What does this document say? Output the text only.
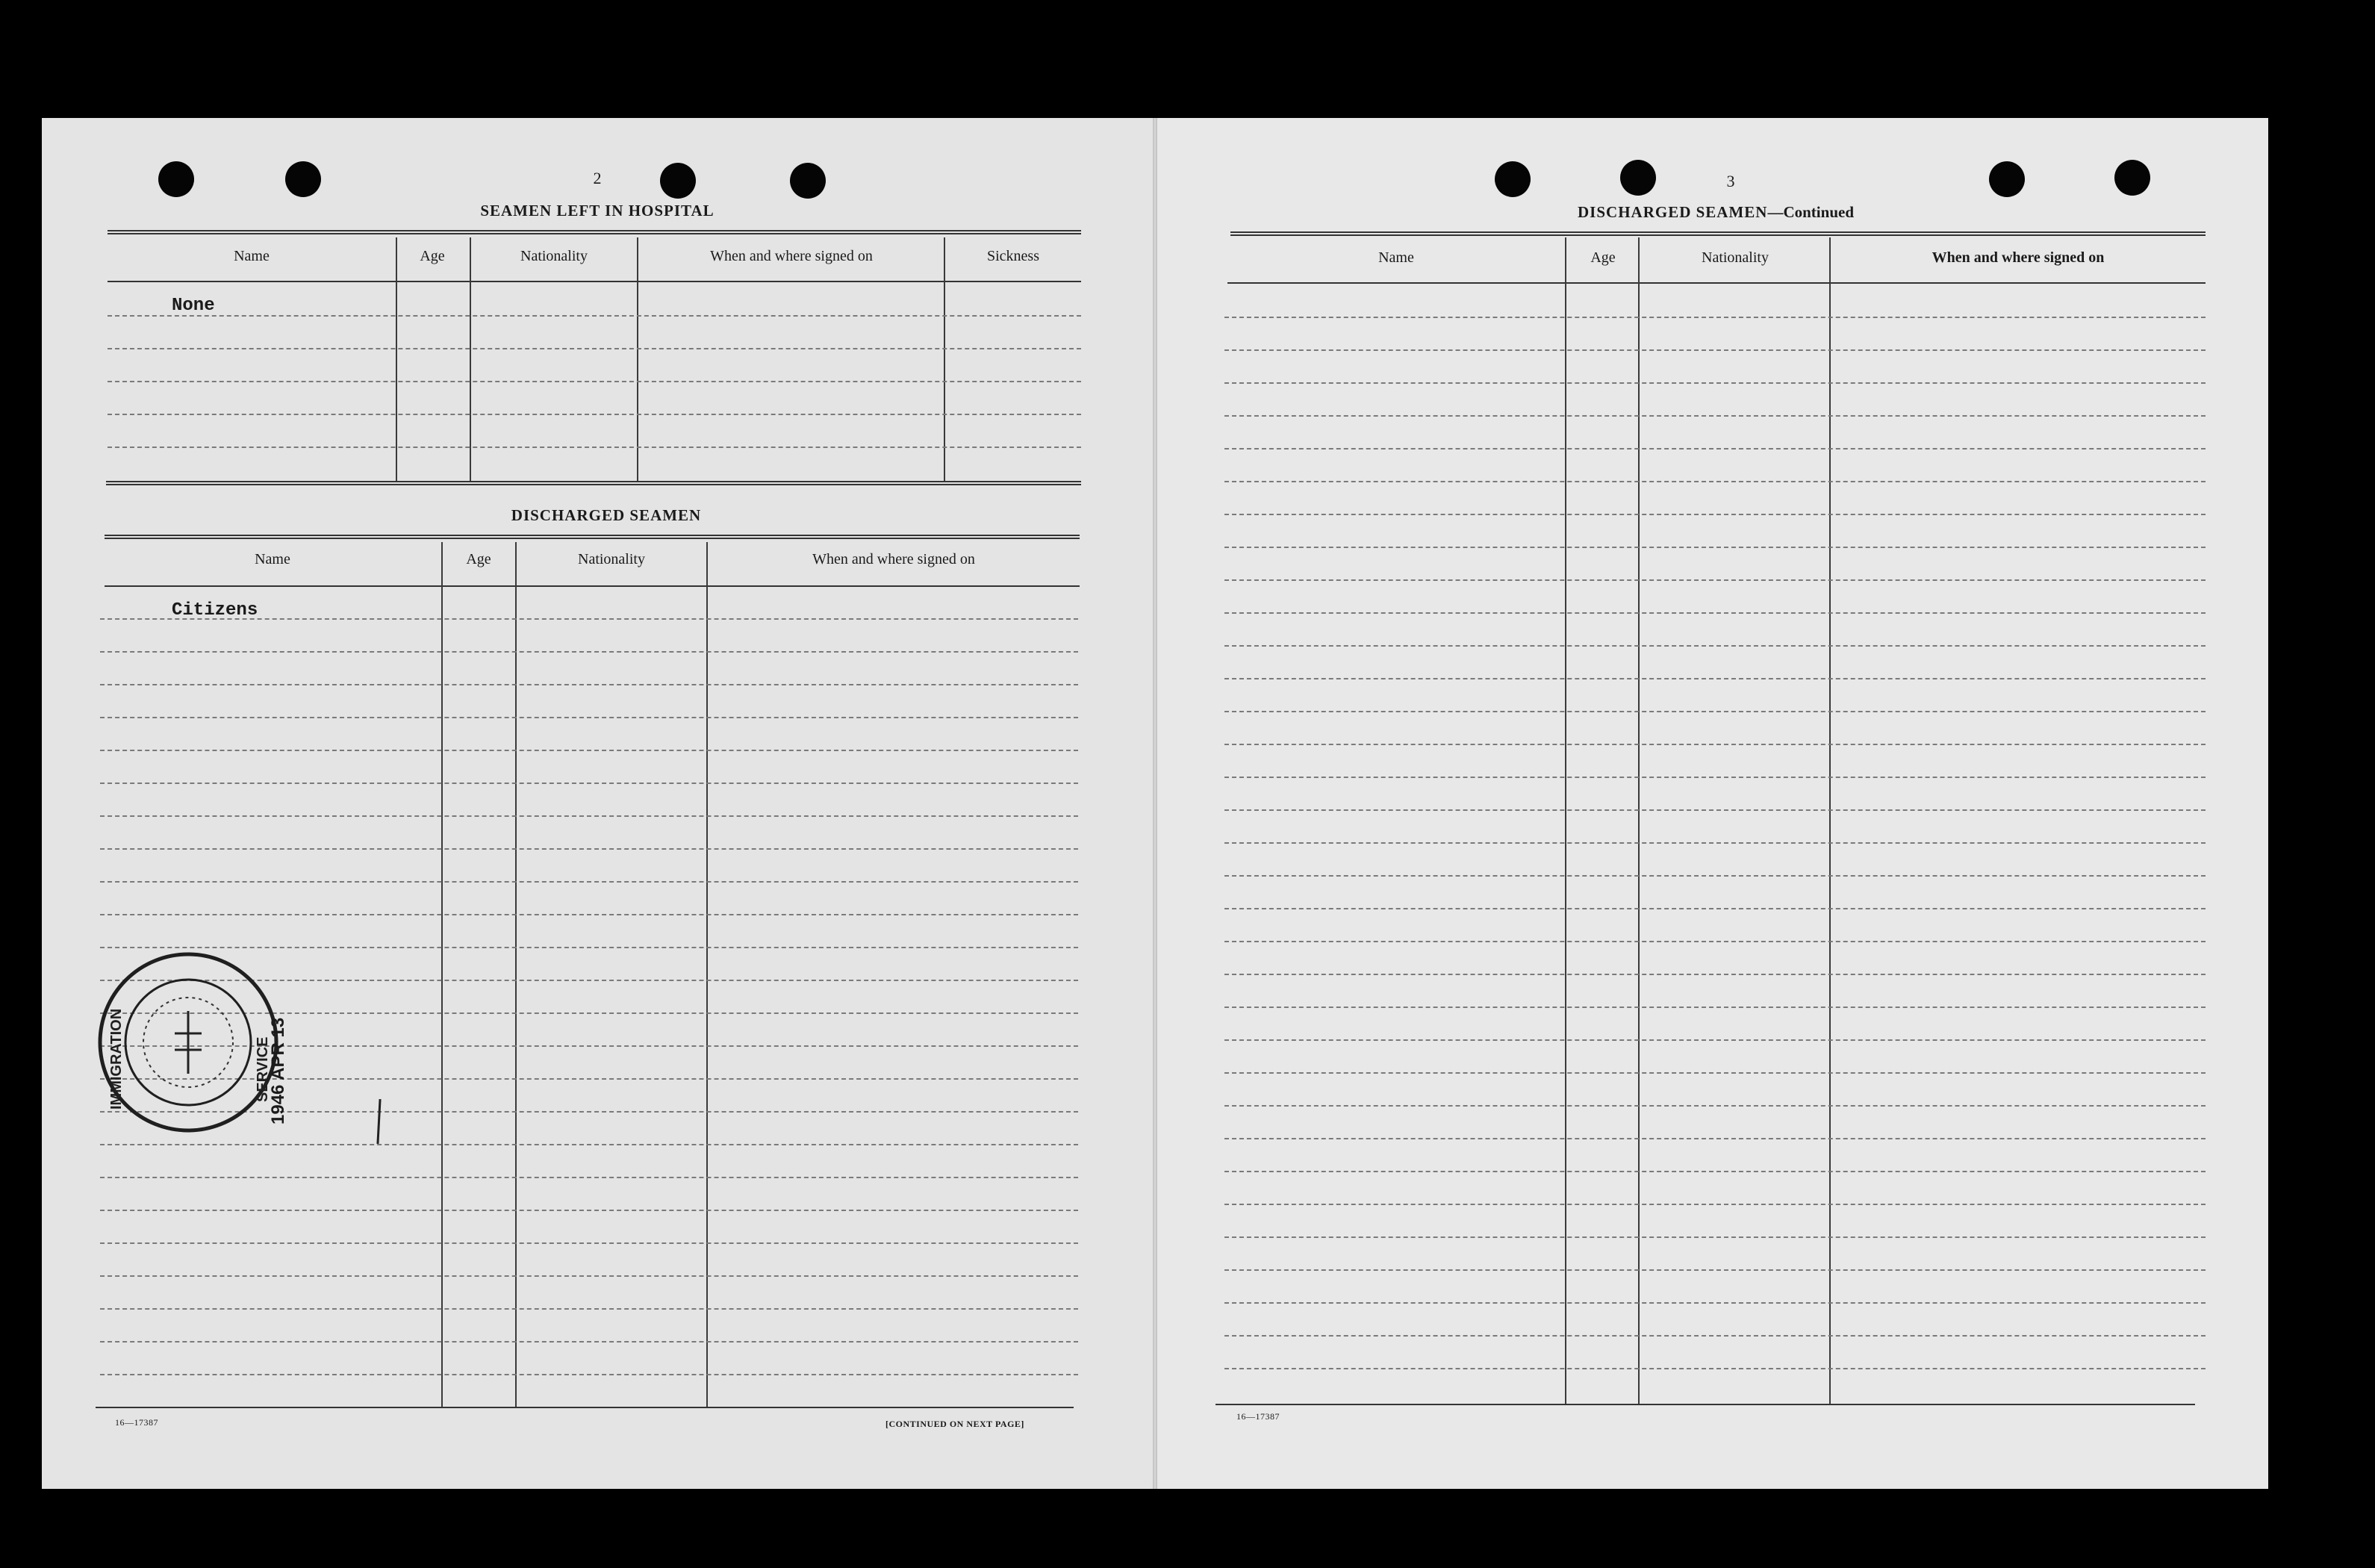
2
SEAMEN LEFT IN HOSPITAL
Name	Age	Nationality	When and where signed on	Sickness
None
DISCHARGED SEAMEN
Name	Age	Nationality	When and where signed on
Citizens
IMMIGRATION	SERVICE
1946 APR 13
16—17387	[CONTINUED ON NEXT PAGE]
3
DISCHARGED SEAMEN—Continued
Name	Age	Nationality	When and where signed on
16—17387
